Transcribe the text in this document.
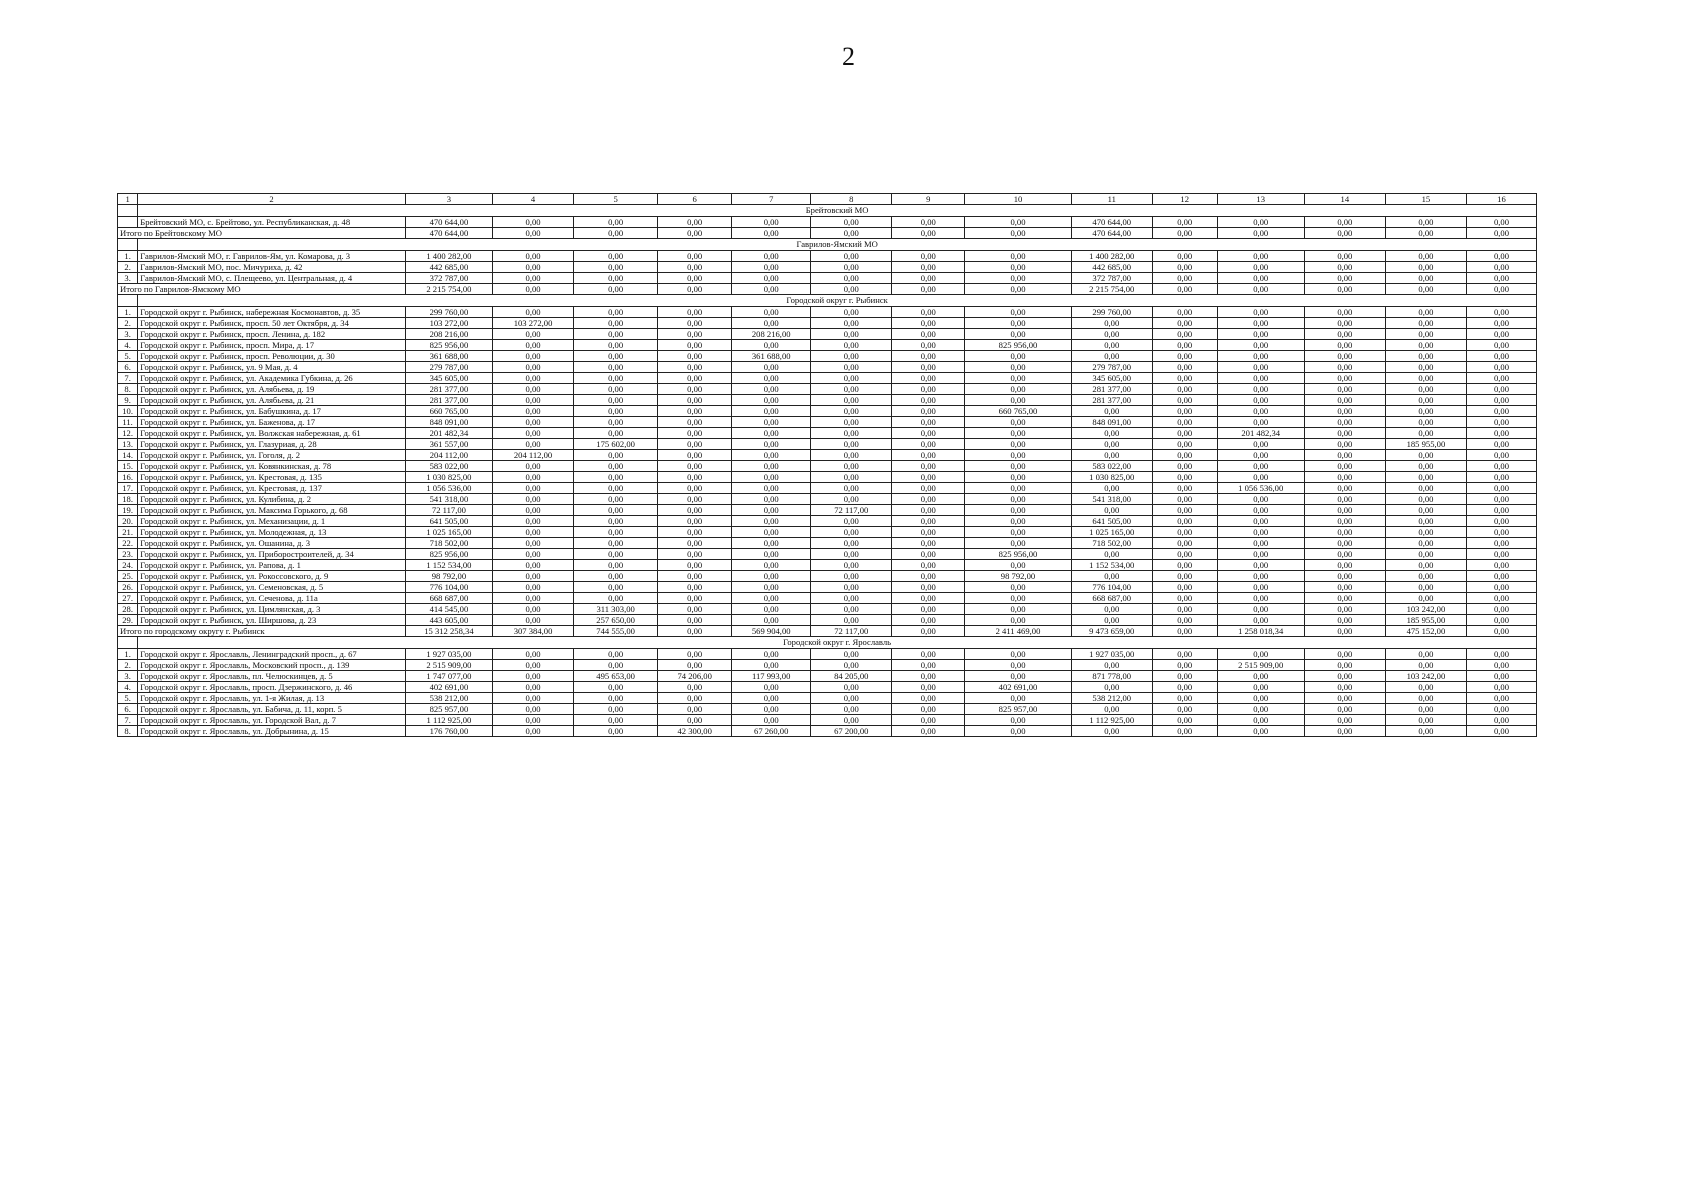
2
1	2	3	4	5	6	7	8	9	10	11	12	13	14	15	16
	Брейтовский МО														
	Брейтовский МО, с. Брейтово, ул. Республиканская, д. 48	470 644,00	0,00	0,00	0,00	0,00	0,00	0,00	0,00	470 644,00	0,00	0,00	0,00	0,00	0,00
Итого по Брейтовскому МО		470 644,00	0,00	0,00	0,00	0,00	0,00	0,00	0,00	470 644,00	0,00	0,00	0,00	0,00	0,00
	Гаврилов-Ямский МО														
1.	Гаврилов-Ямский МО, г. Гаврилов-Ям, ул. Комарова, д. 3	1 400 282,00	0,00	0,00	0,00	0,00	0,00	0,00	0,00	1 400 282,00	0,00	0,00	0,00	0,00	0,00
2.	Гаврилов-Ямский МО, пос. Мичуриха, д. 42	442 685,00	0,00	0,00	0,00	0,00	0,00	0,00	0,00	442 685,00	0,00	0,00	0,00	0,00	0,00
3.	Гаврилов-Ямский МО, с. Плещеево, ул. Центральная, д. 4	372 787,00	0,00	0,00	0,00	0,00	0,00	0,00	0,00	372 787,00	0,00	0,00	0,00	0,00	0,00
Итого по Гаврилов-Ямскому МО		2 215 754,00	0,00	0,00	0,00	0,00	0,00	0,00	0,00	2 215 754,00	0,00	0,00	0,00	0,00	0,00
	Городской округ г. Рыбинск														
1.	Городской округ г. Рыбинск, набережная Космонавтов, д. 35	299 760,00	0,00	0,00	0,00	0,00	0,00	0,00	0,00	299 760,00	0,00	0,00	0,00	0,00	0,00
2.	Городской округ г. Рыбинск, просп. 50 лет Октября, д. 34	103 272,00	103 272,00	0,00	0,00	0,00	0,00	0,00	0,00	0,00	0,00	0,00	0,00	0,00	0,00
3.	Городской округ г. Рыбинск, просп. Ленина, д. 182	208 216,00	0,00	0,00	0,00	208 216,00	0,00	0,00	0,00	0,00	0,00	0,00	0,00	0,00	0,00
4.	Городской округ г. Рыбинск, просп. Мира, д. 17	825 956,00	0,00	0,00	0,00	0,00	0,00	0,00	825 956,00	0,00	0,00	0,00	0,00	0,00	0,00
5.	Городской округ г. Рыбинск, просп. Революции, д. 30	361 688,00	0,00	0,00	0,00	361 688,00	0,00	0,00	0,00	0,00	0,00	0,00	0,00	0,00	0,00
6.	Городской округ г. Рыбинск, ул. 9 Мая, д. 4	279 787,00	0,00	0,00	0,00	0,00	0,00	0,00	0,00	279 787,00	0,00	0,00	0,00	0,00	0,00
7.	Городской округ г. Рыбинск, ул. Академика Губкина, д. 26	345 605,00	0,00	0,00	0,00	0,00	0,00	0,00	0,00	345 605,00	0,00	0,00	0,00	0,00	0,00
8.	Городской округ г. Рыбинск, ул. Алябьева, д. 19	281 377,00	0,00	0,00	0,00	0,00	0,00	0,00	0,00	281 377,00	0,00	0,00	0,00	0,00	0,00
9.	Городской округ г. Рыбинск, ул. Алябьева, д. 21	281 377,00	0,00	0,00	0,00	0,00	0,00	0,00	0,00	281 377,00	0,00	0,00	0,00	0,00	0,00
10.	Городской округ г. Рыбинск, ул. Бабушкина, д. 17	660 765,00	0,00	0,00	0,00	0,00	0,00	0,00	660 765,00	0,00	0,00	0,00	0,00	0,00	0,00
11.	Городской округ г. Рыбинск, ул. Баженова, д. 17	848 091,00	0,00	0,00	0,00	0,00	0,00	0,00	0,00	848 091,00	0,00	0,00	0,00	0,00	0,00
12.	Городской округ г. Рыбинск, ул. Волжская набережная, д. 61	201 482,34	0,00	0,00	0,00	0,00	0,00	0,00	0,00	0,00	0,00	201 482,34	0,00	0,00	0,00
13.	Городской округ г. Рыбинск, ул. Глазуриая, д. 28	361 557,00	0,00	175 602,00	0,00	0,00	0,00	0,00	0,00	0,00	0,00	0,00	0,00	185 955,00	0,00
14.	Городской округ г. Рыбинск, ул. Гоголя, д. 2	204 112,00	204 112,00	0,00	0,00	0,00	0,00	0,00	0,00	0,00	0,00	0,00	0,00	0,00	0,00
15.	Городской округ г. Рыбинск, ул. Ковянкинская, д. 78	583 022,00	0,00	0,00	0,00	0,00	0,00	0,00	0,00	583 022,00	0,00	0,00	0,00	0,00	0,00
16.	Городской округ г. Рыбинск, ул. Крестовая, д. 135	1 030 825,00	0,00	0,00	0,00	0,00	0,00	0,00	0,00	1 030 825,00	0,00	0,00	0,00	0,00	0,00
17.	Городской округ г. Рыбинск, ул. Крестовая, д. 137	1 056 536,00	0,00	0,00	0,00	0,00	0,00	0,00	0,00	0,00	0,00	1 056 536,00	0,00	0,00	0,00
18.	Городской округ г. Рыбинск, ул. Кулибина, д. 2	541 318,00	0,00	0,00	0,00	0,00	0,00	0,00	0,00	541 318,00	0,00	0,00	0,00	0,00	0,00
19.	Городской округ г. Рыбинск, ул. Максима Горького, д. 68	72 117,00	0,00	0,00	0,00	0,00	72 117,00	0,00	0,00	0,00	0,00	0,00	0,00	0,00	0,00
20.	Городской округ г. Рыбинск, ул. Механизации, д. 1	641 505,00	0,00	0,00	0,00	0,00	0,00	0,00	0,00	641 505,00	0,00	0,00	0,00	0,00	0,00
21.	Городской округ г. Рыбинск, ул. Молодежная, д. 13	1 025 165,00	0,00	0,00	0,00	0,00	0,00	0,00	0,00	1 025 165,00	0,00	0,00	0,00	0,00	0,00
22.	Городской округ г. Рыбинск, ул. Ошанина, д. 3	718 502,00	0,00	0,00	0,00	0,00	0,00	0,00	0,00	718 502,00	0,00	0,00	0,00	0,00	0,00
23.	Городской округ г. Рыбинск, ул. Приборостроителей, д. 34	825 956,00	0,00	0,00	0,00	0,00	0,00	0,00	825 956,00	0,00	0,00	0,00	0,00	0,00	0,00
24.	Городской округ г. Рыбинск, ул. Рапова, д. 1	1 152 534,00	0,00	0,00	0,00	0,00	0,00	0,00	0,00	1 152 534,00	0,00	0,00	0,00	0,00	0,00
25.	Городской округ г. Рыбинск, ул. Рокоссовского, д. 9	98 792,00	0,00	0,00	0,00	0,00	0,00	0,00	98 792,00	0,00	0,00	0,00	0,00	0,00	0,00
26.	Городской округ г. Рыбинск, ул. Семеновская, д. 5	776 104,00	0,00	0,00	0,00	0,00	0,00	0,00	0,00	776 104,00	0,00	0,00	0,00	0,00	0,00
27.	Городской округ г. Рыбинск, ул. Сеченова, д. 11а	668 687,00	0,00	0,00	0,00	0,00	0,00	0,00	0,00	668 687,00	0,00	0,00	0,00	0,00	0,00
28.	Городской округ г. Рыбинск, ул. Цимлянская, д. 3	414 545,00	0,00	311 303,00	0,00	0,00	0,00	0,00	0,00	0,00	0,00	0,00	0,00	103 242,00	0,00
29.	Городской округ г. Рыбинск, ул. Ширшова, д. 23	443 605,00	0,00	257 650,00	0,00	0,00	0,00	0,00	0,00	0,00	0,00	0,00	0,00	185 955,00	0,00
Итого по городскому округу г. Рыбинск		15 312 258,34	307 384,00	744 555,00	0,00	569 904,00	72 117,00	0,00	2 411 469,00	9 473 659,00	0,00	1 258 018,34	0,00	475 152,00	0,00
	Городской округ г. Ярославль														
1.	Городской округ г. Ярославль, Ленинградский просп., д. 67	1 927 035,00	0,00	0,00	0,00	0,00	0,00	0,00	0,00	1 927 035,00	0,00	0,00	0,00	0,00	0,00
2.	Городской округ г. Ярославль, Московский просп., д. 139	2 515 909,00	0,00	0,00	0,00	0,00	0,00	0,00	0,00	0,00	0,00	2 515 909,00	0,00	0,00	0,00
3.	Городской округ г. Ярославль, пл. Челюскинцев, д. 5	1 747 077,00	0,00	495 653,00	74 206,00	117 993,00	84 205,00	0,00	0,00	871 778,00	0,00	0,00	0,00	103 242,00	0,00
4.	Городской округ г. Ярославль, просп. Дзержинского, д. 46	402 691,00	0,00	0,00	0,00	0,00	0,00	0,00	402 691,00	0,00	0,00	0,00	0,00	0,00	0,00
5.	Городской округ г. Ярославль, ул. 1-я Жилая, д. 13	538 212,00	0,00	0,00	0,00	0,00	0,00	0,00	0,00	538 212,00	0,00	0,00	0,00	0,00	0,00
6.	Городской округ г. Ярославль, ул. Бабича, д. 11, корп. 5	825 957,00	0,00	0,00	0,00	0,00	0,00	0,00	825 957,00	0,00	0,00	0,00	0,00	0,00	0,00
7.	Городской округ г. Ярославль, ул. Городской Вал, д. 7	1 112 925,00	0,00	0,00	0,00	0,00	0,00	0,00	0,00	1 112 925,00	0,00	0,00	0,00	0,00	0,00
8.	Городской округ г. Ярославль, ул. Добрынина, д. 15	176 760,00	0,00	0,00	42 300,00	67 260,00	67 200,00	0,00	0,00	0,00	0,00	0,00	0,00	0,00	0,00
